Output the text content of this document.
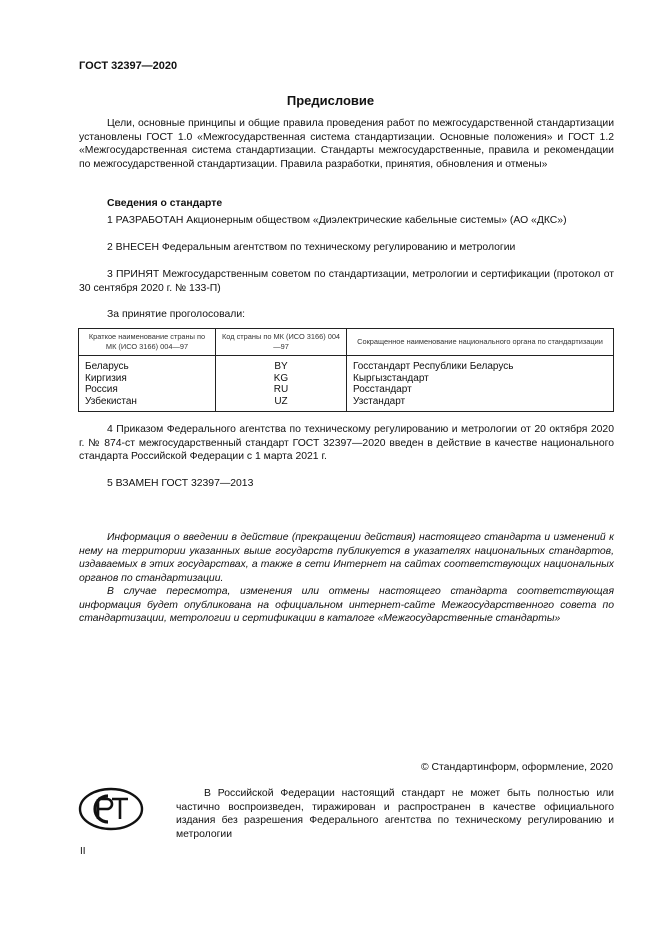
ГОСТ 32397—2020
Предисловие
Цели, основные принципы и общие правила проведения работ по межгосударственной стандартизации установлены ГОСТ 1.0 «Межгосударственная система стандартизации. Основные положения» и ГОСТ 1.2 «Межгосударственная система стандартизации. Стандарты межгосударственные, правила и рекомендации по межгосударственной стандартизации. Правила разработки, принятия, обновления и отмены»
Сведения о стандарте
1 РАЗРАБОТАН Акционерным обществом «Диэлектрические кабельные системы» (АО «ДКС»)
2 ВНЕСЕН Федеральным агентством по техническому регулированию и метрологии
3 ПРИНЯТ Межгосударственным советом по стандартизации, метрологии и сертификации (протокол от 30 сентября 2020 г. № 133-П)
За принятие проголосовали:
Краткое наименование страны по МК (ИСО 3166) 004—97	Код страны по МК (ИСО 3166) 004—97	Сокращенное наименование национального органа по стандартизации
Беларусь	BY	Госстандарт Республики Беларусь
Киргизия	KG	Кыргызстандарт
Россия	RU	Росстандарт
Узбекистан	UZ	Узстандарт
4 Приказом Федерального агентства по техническому регулированию и метрологии от 20 октября 2020 г. № 874-ст межгосударственный стандарт ГОСТ 32397—2020 введен в действие в качестве национального стандарта Российской Федерации с 1 марта 2021 г.
5 ВЗАМЕН ГОСТ 32397—2013
Информация о введении в действие (прекращении действия) настоящего стандарта и изменений к нему на территории указанных выше государств публикуется в указателях национальных стандартов, издаваемых в этих государствах, а также в сети Интернет на сайтах соответствующих национальных органов по стандартизации.
В случае пересмотра, изменения или отмены настоящего стандарта соответствующая информация будет опубликована на официальном интернет-сайте Межгосударственного совета по стандартизации, метрологии и сертификации в каталоге «Межгосударственные стандарты»
© Стандартинформ, оформление, 2020
В Российской Федерации настоящий стандарт не может быть полностью или частично воспроизведен, тиражирован и распространен в качестве официального издания без разрешения Федерального агентства по техническому регулированию и метрологии
II
